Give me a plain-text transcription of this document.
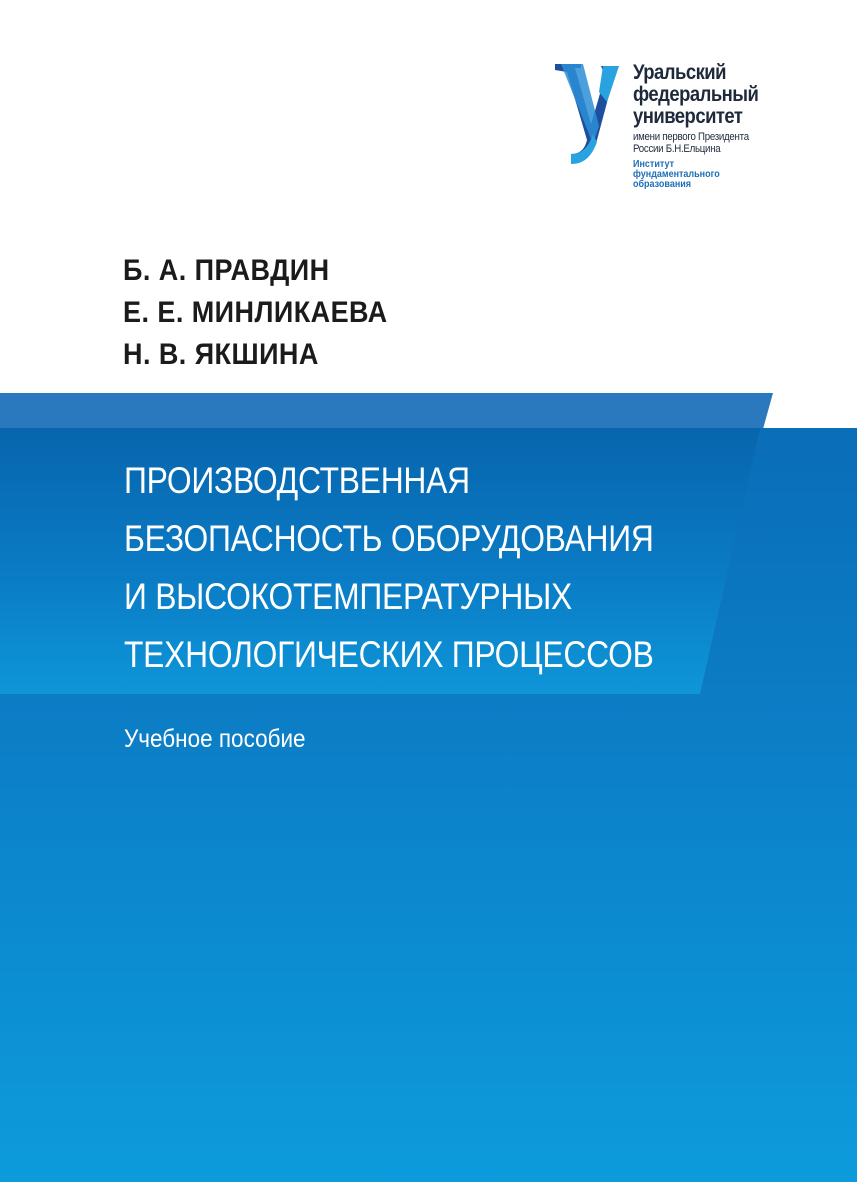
Уральский
федеральный
университет
имени первого Президента
России Б.Н.Ельцина
Институт
фундаментального
образования
Б. А. ПРАВДИН
Е. Е. МИНЛИКАЕВА
Н. В. ЯКШИНА
ПРОИЗВОДСТВЕННАЯ
БЕЗОПАСНОСТЬ ОБОРУДОВАНИЯ
И ВЫСОКОТЕМПЕРАТУРНЫХ
ТЕХНОЛОГИЧЕСКИХ ПРОЦЕССОВ
Учебное пособие
